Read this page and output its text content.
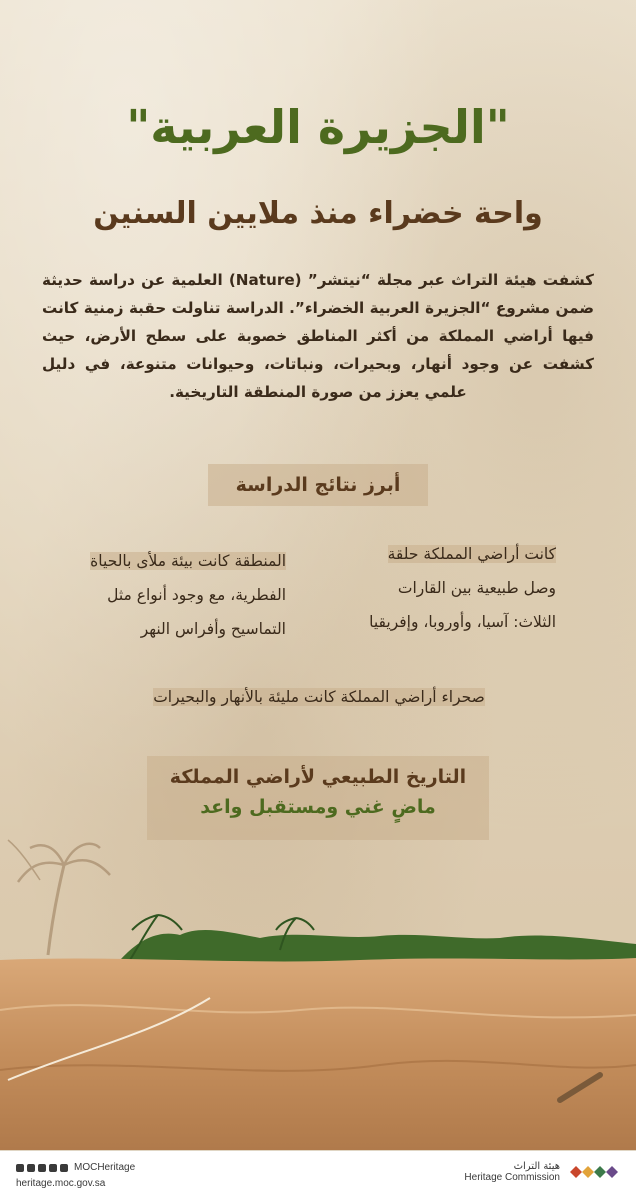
"الجزيرة العربية"
واحة خضراء منذ ملايين السنين
كشفت هيئة التراث عبر مجلة “نيتشر” (Nature) العلمية عن دراسة حديثة ضمن مشروع “الجزيرة العربية الخضراء”. الدراسة تناولت حقبة زمنية كانت فيها أراضي المملكة من أكثر المناطق خصوبة على سطح الأرض، حيث كشفت عن وجود أنهار، وبحيرات، ونباتات، وحيوانات متنوعة، في دليل علمي يعزز من صورة المنطقة التاريخية.
أبرز نتائج الدراسة
كانت أراضي المملكة حلقة
وصل طبيعية بين القارات
الثلاث: آسيا، وأوروبا، وإفريقيا
المنطقة كانت بيئة ملأى بالحياة
الفطرية، مع وجود أنواع مثل
التماسيح وأفراس النهر
صحراء أراضي المملكة كانت مليئة بالأنهار والبحيرات
التاريخ الطبيعي لأراضي المملكة
ماضٍ غني ومستقبل واعد
MOCHeritage
heritage.moc.gov.sa
هيئة التراث
Heritage Commission
